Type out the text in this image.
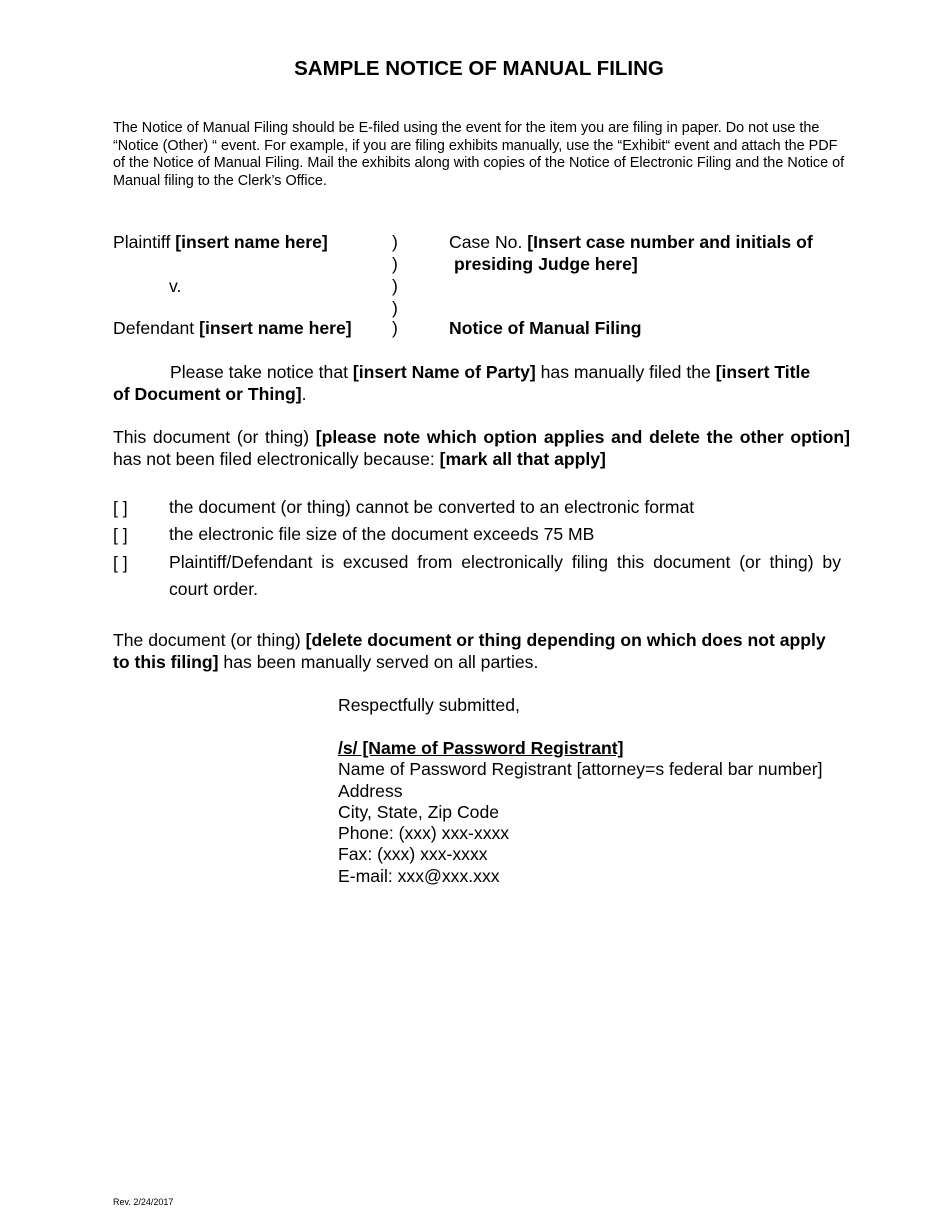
SAMPLE NOTICE OF MANUAL FILING
The Notice of Manual Filing should be E-filed using the event for the item you are filing in paper. Do not use the “Notice (Other) “ event. For example, if you are filing exhibits manually, use the “Exhibit“ event and attach the PDF of the Notice of Manual Filing. Mail the exhibits along with copies of the Notice of Electronic Filing and the Notice of Manual filing to the Clerk’s Office.
Plaintiff [insert name here]
v.
Defendant [insert name here]
)
)
)
)
)
Case No. [Insert case number and initials of
presiding Judge here]
Notice of Manual Filing
Please take notice that [insert Name of Party] has manually filed the [insert Title
of Document or Thing].
This document (or thing) [please note which option applies and delete the other option] has not been filed electronically because: [mark all that apply]
[ ] the document (or thing) cannot be converted to an electronic format
[ ] the electronic file size of the document exceeds 75 MB
[ ] Plaintiff/Defendant is excused from electronically filing this document (or thing) by court order.
The document (or thing) [delete document or thing depending on which does not apply
to this filing] has been manually served on all parties.
Respectfully submitted,
/s/ [Name of Password Registrant]
Name of Password Registrant [attorney=s federal bar number]
Address
City, State, Zip Code
Phone: (xxx) xxx-xxxx
Fax: (xxx) xxx-xxxx
E-mail: xxx@xxx.xxx
Rev. 2/24/2017
